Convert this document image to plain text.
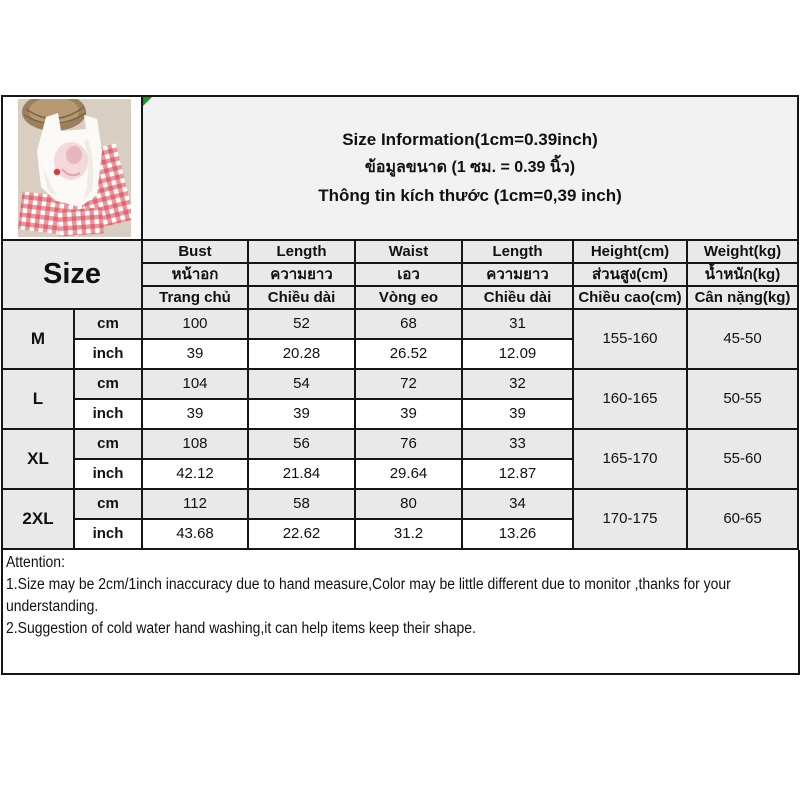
Size Information(1cm=0.39inch)
ข้อมูลขนาด (1 ซม. = 0.39 นิ้ว)
Thông tin kích thước (1cm=0,39 inch)					

Size		Bust	Length	Waist	Length	Height(cm)	Weight(kg)
		หน้าอก	ความยาว	เอว	ความยาว	ส่วนสูง(cm)	น้ำหนัก(kg)
		Trang chủ	Chiều dài	Vòng eo	Chiều dài	Chiều cao(cm)	Cân nặng(kg)
M	cm	100	52	68	31	155-160	45-50
	inch	39	20.28	26.52	12.09		
L	cm	104	54	72	32	160-165	50-55
	inch	39	39	39	39		
XL	cm	108	56	76	33	165-170	55-60
	inch	42.12	21.84	29.64	12.87		
2XL	cm	112	58	80	34	170-175	60-65
	inch	43.68	22.62	31.2	13.26		
Attention:
1.Size may be 2cm/1inch inaccuracy due to hand measure,Color may be little different due to monitor ,thanks for your understanding.
2.Suggestion of cold water hand washing,it can help items keep their shape.
